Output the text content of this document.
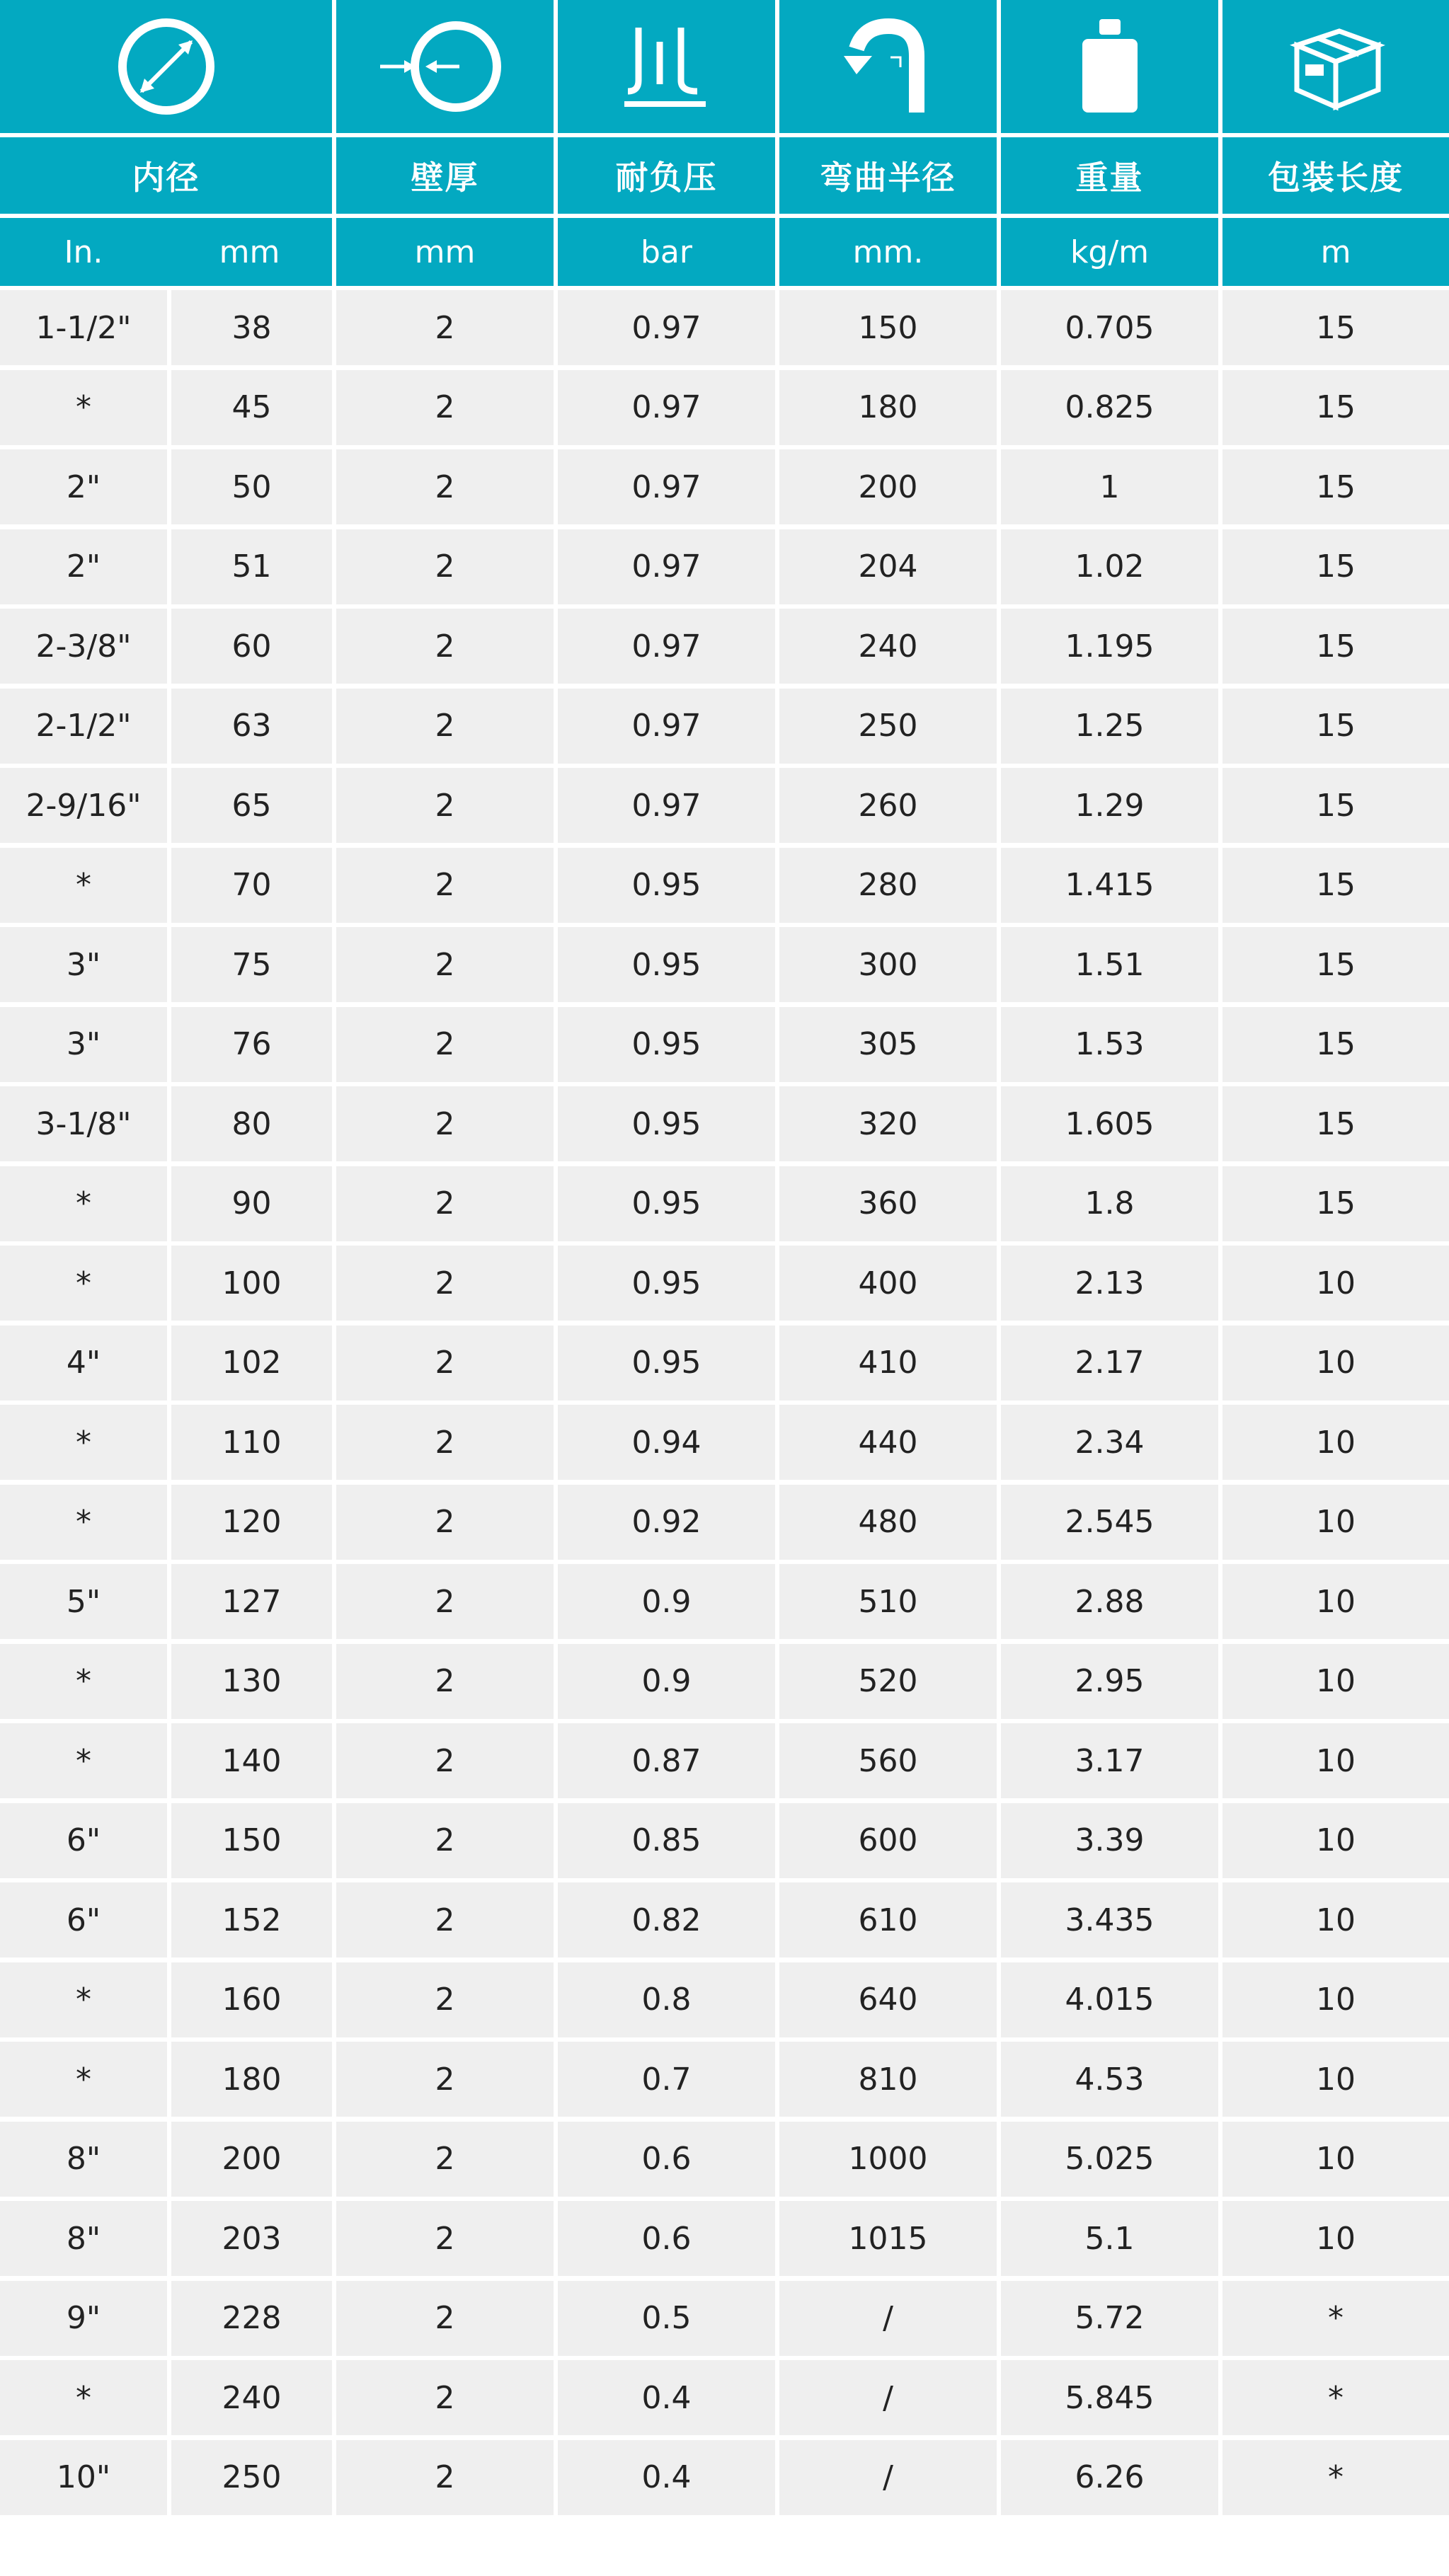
内径	壁厚	耐负压	弯曲半径	重量	包装长度
In.	mm	mm	bar	mm.	kg/m	m
1-1/2"	38	2	0.97	150	0.705	15
*	45	2	0.97	180	0.825	15
2"	50	2	0.97	200	1	15
2"	51	2	0.97	204	1.02	15
2-3/8"	60	2	0.97	240	1.195	15
2-1/2"	63	2	0.97	250	1.25	15
2-9/16"	65	2	0.97	260	1.29	15
*	70	2	0.95	280	1.415	15
3"	75	2	0.95	300	1.51	15
3"	76	2	0.95	305	1.53	15
3-1/8"	80	2	0.95	320	1.605	15
*	90	2	0.95	360	1.8	15
*	100	2	0.95	400	2.13	10
4"	102	2	0.95	410	2.17	10
*	110	2	0.94	440	2.34	10
*	120	2	0.92	480	2.545	10
5"	127	2	0.9	510	2.88	10
*	130	2	0.9	520	2.95	10
*	140	2	0.87	560	3.17	10
6"	150	2	0.85	600	3.39	10
6"	152	2	0.82	610	3.435	10
*	160	2	0.8	640	4.015	10
*	180	2	0.7	810	4.53	10
8"	200	2	0.6	1000	5.025	10
8"	203	2	0.6	1015	5.1	10
9"	228	2	0.5	/	5.72	*
*	240	2	0.4	/	5.845	*
10"	250	2	0.4	/	6.26	*
